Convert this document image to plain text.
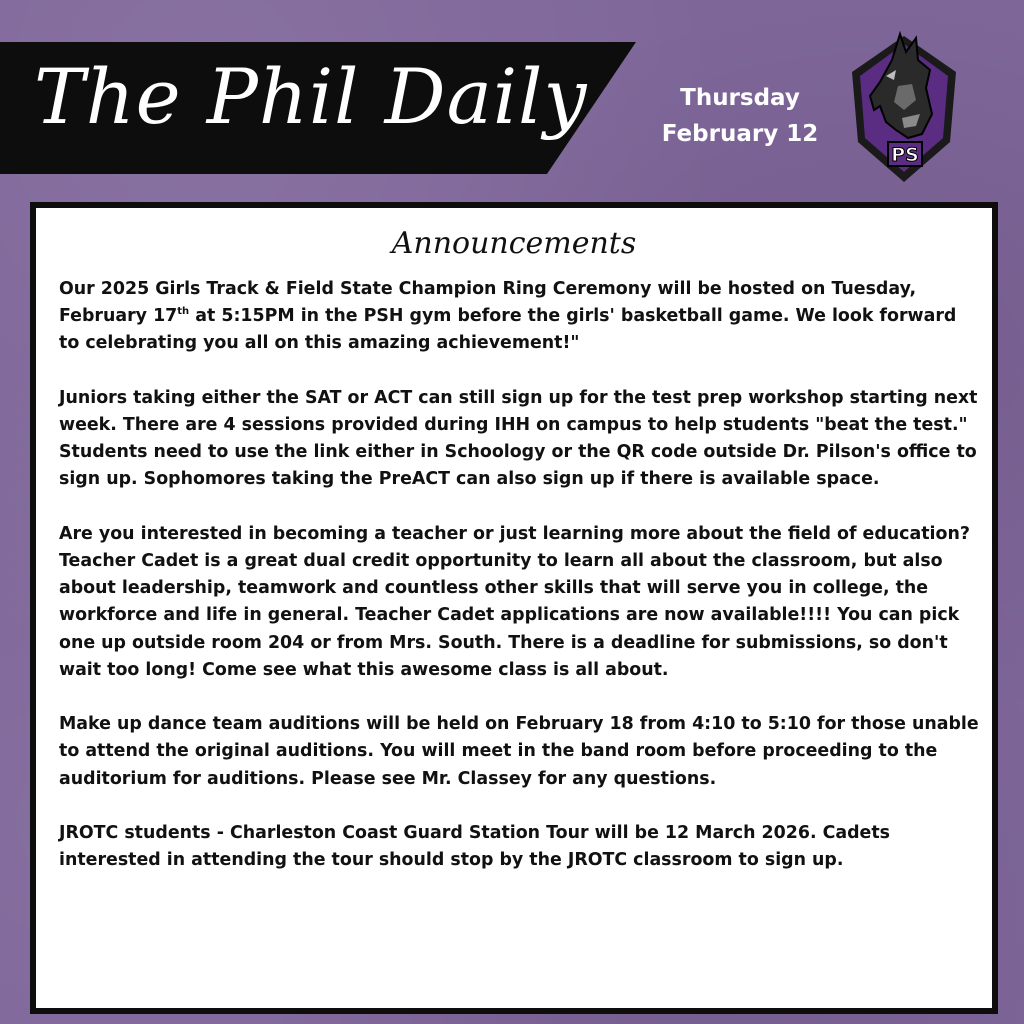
The Phil Daily	Thursday
February 12
PS
Announcements

Our 2025 Girls Track & Field State Champion Ring Ceremony will be hosted on Tuesday, February 17th at 5:15PM in the PSH gym before the girls' basketball game. We look forward to celebrating you all on this amazing achievement!"

Juniors taking either the SAT or ACT can still sign up for the test prep workshop starting next week. There are 4 sessions provided during IHH on campus to help students "beat the test." Students need to use the link either in Schoology or the QR code outside Dr. Pilson's office to sign up. Sophomores taking the PreACT can also sign up if there is available space.

Are you interested in becoming a teacher or just learning more about the field of education? Teacher Cadet is a great dual credit opportunity to learn all about the classroom, but also about leadership, teamwork and countless other skills that will serve you in college, the workforce and life in general. Teacher Cadet applications are now available!!!! You can pick one up outside room 204 or from Mrs. South. There is a deadline for submissions, so don't wait too long! Come see what this awesome class is all about.

Make up dance team auditions will be held on February 18 from 4:10 to 5:10 for those unable to attend the original auditions. You will meet in the band room before proceeding to the auditorium for auditions. Please see Mr. Classey for any questions.

JROTC students - Charleston Coast Guard Station Tour will be 12 March 2026. Cadets interested in attending the tour should stop by the JROTC classroom to sign up.
